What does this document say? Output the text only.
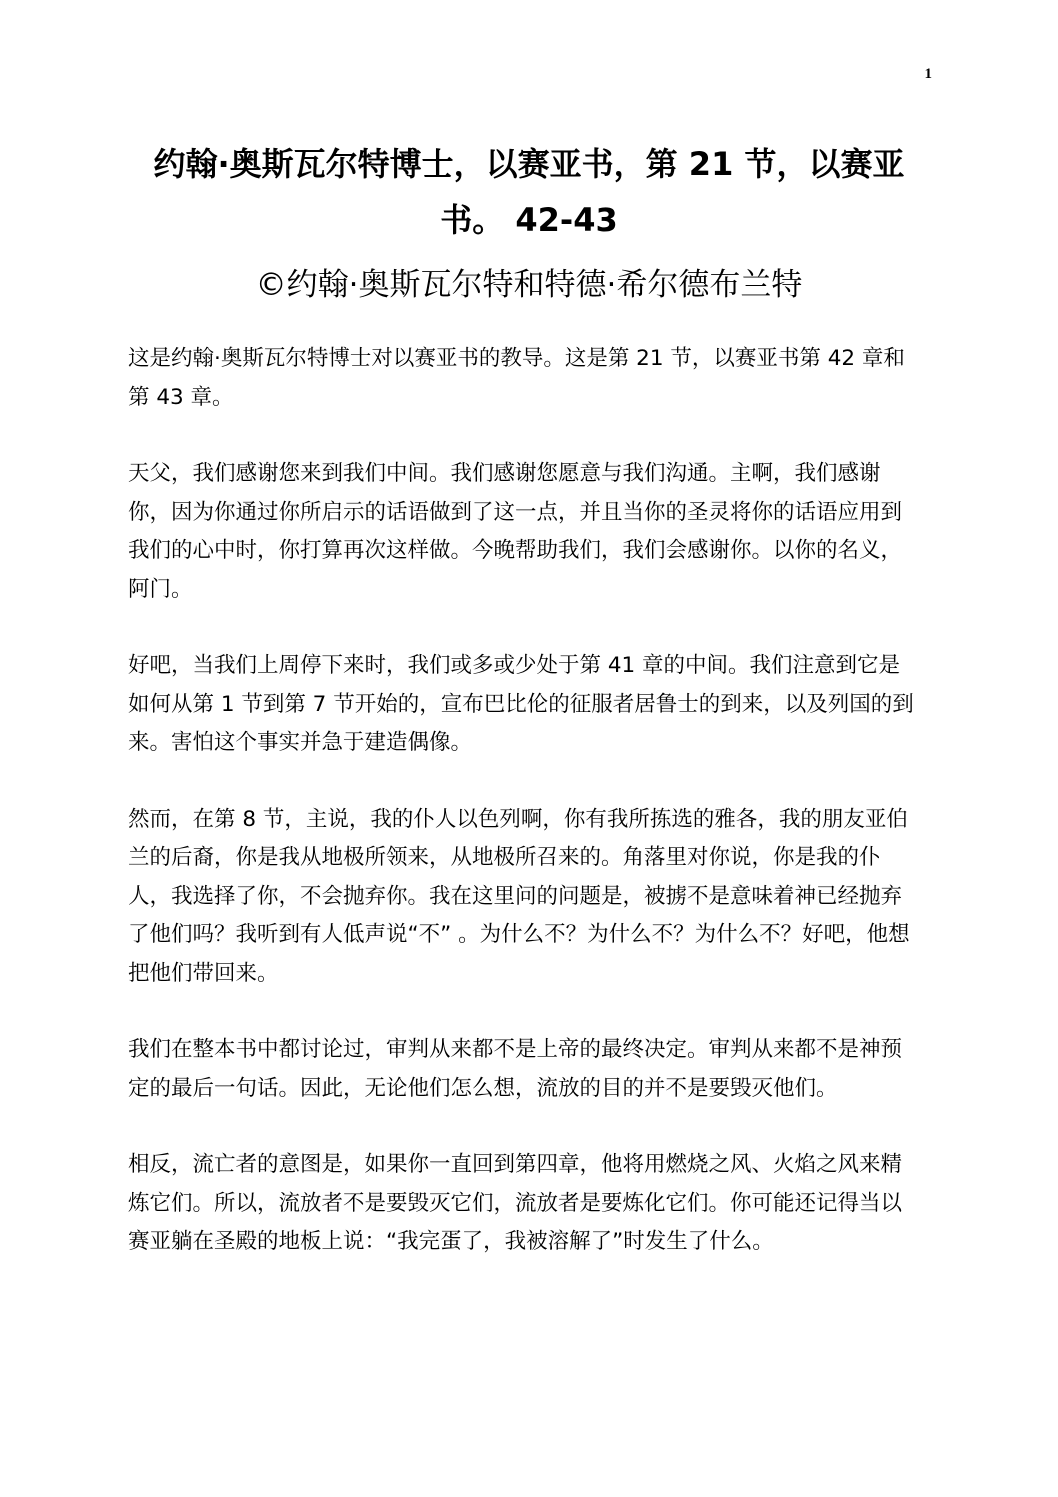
1
约翰·奥斯瓦尔特博士，以赛亚书，第 21 节，以赛亚书。 42-43
©约翰·奥斯瓦尔特和特德·希尔德布兰特

这是约翰·奥斯瓦尔特博士对以赛亚书的教导。这是第 21 节，以赛亚书第 42 章和第 43 章。

天父，我们感谢您来到我们中间。我们感谢您愿意与我们沟通。主啊，我们感谢你，因为你通过你所启示的话语做到了这一点，并且当你的圣灵将你的话语应用到我们的心中时，你打算再次这样做。今晚帮助我们，我们会感谢你。以你的名义，阿门。

好吧，当我们上周停下来时，我们或多或少处于第 41 章的中间。我们注意到它是如何从第 1 节到第 7 节开始的，宣布巴比伦的征服者居鲁士的到来，以及列国的到来。害怕这个事实并急于建造偶像。

然而，在第 8 节，主说，我的仆人以色列啊，你有我所拣选的雅各，我的朋友亚伯兰的后裔，你是我从地极所领来，从地极所召来的。角落里对你说，你是我的仆人，我选择了你，不会抛弃你。我在这里问的问题是，被掳不是意味着神已经抛弃了他们吗？我听到有人低声说“不” 。为什么不？为什么不？为什么不？好吧，他想把他们带回来。

我们在整本书中都讨论过，审判从来都不是上帝的最终决定。审判从来都不是神预定的最后一句话。因此，无论他们怎么想，流放的目的并不是要毁灭他们。

相反，流亡者的意图是，如果你一直回到第四章，他将用燃烧之风、火焰之风来精炼它们。所以，流放者不是要毁灭它们，流放者是要炼化它们。你可能还记得当以赛亚躺在圣殿的地板上说：“我完蛋了，我被溶解了”时发生了什么。
